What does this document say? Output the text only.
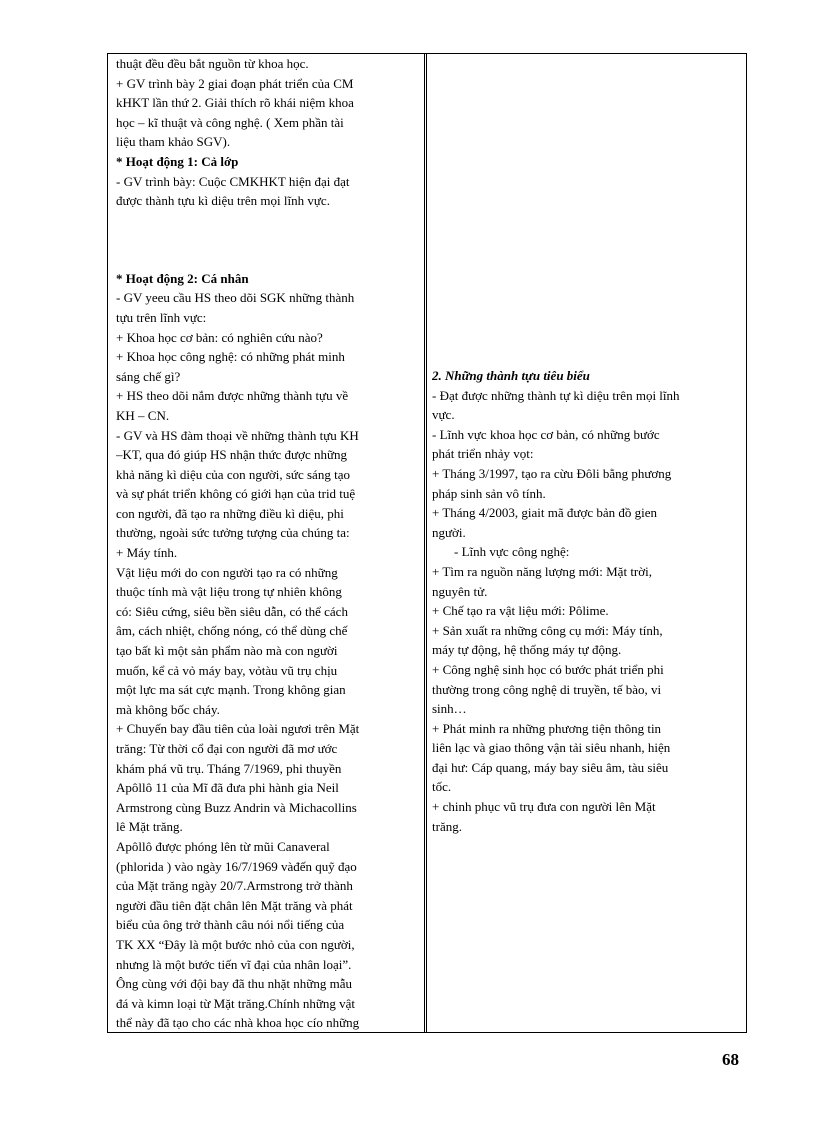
thuật đều đều bắt nguồn từ khoa học.
+ GV trình bày 2 giai đoạn phát triển của CM
kHKT lần thứ 2. Giải thích rõ khái niệm khoa
học – kĩ thuật và công nghệ. ( Xem phần tài
liệu tham khảo SGV).
* Hoạt động 1: Cả lớp
- GV trình bày: Cuộc CMKHKT hiện đại đạt
được thành tựu kì diệu trên mọi lĩnh vực.
* Hoạt động 2: Cá nhân
- GV yeeu cầu HS theo dõi SGK những thành
tựu trên lĩnh vực:
+ Khoa học cơ bản: có nghiên cứu nào?
+ Khoa học công nghệ: có những phát minh
sáng chế gì?
+ HS theo dõi nắm được những thành tựu về
KH – CN.
- GV và HS đàm thoại về những thành tựu KH
–KT, qua đó giúp HS nhận thức được những
khả năng kì diệu của con người, sức sáng tạo
và sự phát triển không có giới hạn của trid tuệ
con người, đã tạo ra những điều kì diệu, phi
thường, ngoài sức tưởng tượng của chúng ta:
+ Máy tính.
Vật liệu mới do con người tạo ra có những
thuộc tính mà vật liệu trong tự nhiên không
có: Siêu cứng, siêu bền siêu dẫn, có thể cách
âm, cách nhiệt, chống nóng, có thể dùng chế
tạo bất kì một sản phẩm nào mà con người
muốn, kể cả vỏ máy bay, vỏtàu vũ trụ chịu
một lực ma sát cực mạnh. Trong không gian
mà không bốc cháy.
+ Chuyến bay đầu tiên của loài ngươi trên Mặt
trăng: Từ thời cổ đại con người đã mơ ước
khám phá vũ trụ. Tháng 7/1969, phi thuyền
Apôllô 11 của Mĩ đã đưa phi hành gia Neil
Armstrong cùng Buzz Andrin và Michacollins
lê Mặt trăng.
Apôllô được phóng lên từ mũi Canaveral
(phlorida ) vào ngày 16/7/1969 vàđến quỹ đạo
của Mặt trăng ngày 20/7.Armstrong trở thành
người đầu tiên đặt chân lên Mặt trăng và phát
biểu của ông trở thành câu nói nổi tiếng của
TK XX “Đây là một bước nhỏ của con người,
nhưng là một bước tiến vĩ đại của nhân loại”.
Ông cùng với đội bay đã thu nhặt những mẫu
đá và kimn loại từ Mặt trăng.Chính những vật
thể này đã tạo cho các nhà khoa học cío những
2. Những thành tựu tiêu biểu
- Đạt được những thành tự kì diệu trên mọi lĩnh
vực.
- Lĩnh vực khoa học cơ bản, có những bước
phát triển nhảy vọt:
+ Tháng 3/1997, tạo ra cừu Đôli bằng phương
pháp sinh sản vô tính.
+ Tháng 4/2003, giait mã được bản đồ gien
người.
- Lĩnh vực công nghệ:
+ Tìm ra nguồn năng lượng mới: Mặt trời,
nguyên tử.
+ Chế tạo ra vật liệu mới: Pôlime.
+ Sản xuất ra những công cụ mới: Máy tính,
máy tự động, hệ thống máy tự động.
+ Công nghệ sinh học có bước phát triển phi
thường trong công nghệ di truyền, tế bào, vi
sinh…
+ Phát minh ra những phương tiện thông tin
liên lạc và giao thông vận tải siêu nhanh, hiện
đại hư: Cáp quang, máy bay siêu âm, tàu siêu
tốc.
+ chinh phục vũ trụ đưa con người lên Mặt
trăng.
68
